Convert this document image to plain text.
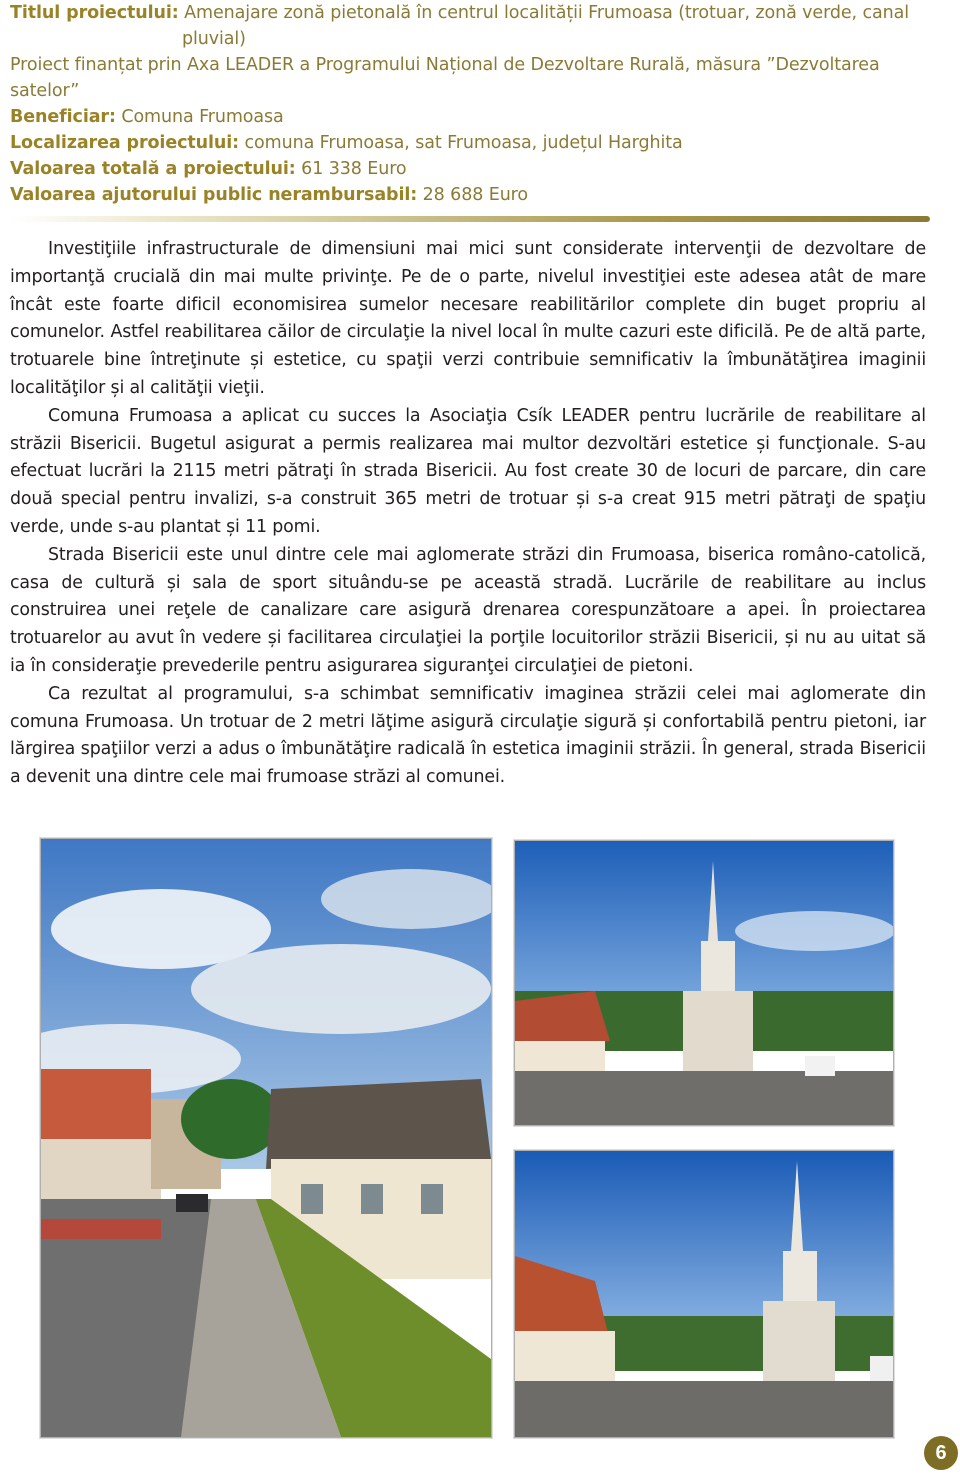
Titlul proiectului: Amenajare zonă pietonală în centrul localității Frumoasa (trotuar, zonă verde, canal
pluvial)
Proiect finanțat prin Axa LEADER a Programului Național de Dezvoltare Rurală, măsura ”Dezvoltarea
satelor”
Beneficiar: Comuna Frumoasa
Localizarea proiectului: comuna Frumoasa, sat Frumoasa, județul Harghita
Valoarea totală a proiectului: 61 338 Euro
Valoarea ajutorului public nerambursabil: 28 688 Euro

Investiţiile infrastructurale de dimensiuni mai mici sunt considerate intervenţii de dezvoltare de importanţă crucială din mai multe privinţe. Pe de o parte, nivelul investiţiei este adesea atât de mare încât este foarte dificil economisirea sumelor necesare reabilitărilor complete din buget propriu al comunelor. Astfel reabilitarea căilor de circulaţie la nivel local în multe cazuri este dificilă. Pe de altă parte, trotuarele bine întreţinute și estetice, cu spaţii verzi contribuie semnificativ la îmbunătăţirea imaginii localităţilor și al calităţii vieţii.

Comuna Frumoasa a aplicat cu succes la Asociaţia Csík LEADER pentru lucrările de reabilitare al străzii Bisericii. Bugetul asigurat a permis realizarea mai multor dezvoltări estetice și funcţionale. S-au efectuat lucrări la 2115 metri pătraţi în strada Bisericii. Au fost create 30 de locuri de parcare, din care două special pentru invalizi, s-a construit 365 metri de trotuar și s-a creat 915 metri pătraţi de spaţiu verde, unde s-au plantat și 11 pomi.

Strada Bisericii este unul dintre cele mai aglomerate străzi din Frumoasa, biserica româno-catolică, casa de cultură și sala de sport situându-se pe această stradă. Lucrările de reabilitare au inclus construirea unei reţele de canalizare care asigură drenarea corespunzătoare a apei. În proiectarea trotuarelor au avut în vedere și facilitarea circulaţiei la porţile locuitorilor străzii Bisericii, și nu au uitat să ia în consideraţie prevederile pentru asigurarea siguranţei circulaţiei de pietoni.

Ca rezultat al programului, s-a schimbat semnificativ imaginea străzii celei mai aglomerate din comuna Frumoasa. Un trotuar de 2 metri lăţime asigură circulaţie sigură și confortabilă pentru pietoni, iar lărgirea spaţiilor verzi a adus o îmbunătăţire radicală în estetica imaginii străzii. În general, strada Bisericii a devenit una dintre cele mai frumoase străzi al comunei.

6
